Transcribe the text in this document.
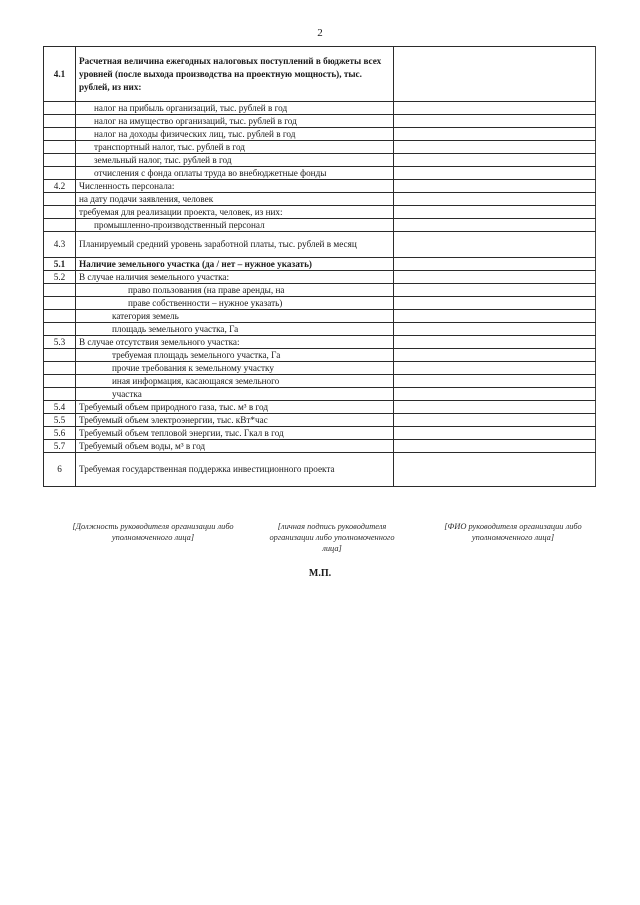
2
4.1	Расчетная величина ежегодных налоговых поступлений в бюджеты всех уровней (после выхода производства на проектную мощность), тыс. рублей, из них:	
	налог на прибыль организаций, тыс. рублей в год	
	налог на имущество организаций, тыс. рублей в год	
	налог на доходы физических лиц, тыс. рублей в год	
	транспортный налог, тыс. рублей в год	
	земельный налог, тыс. рублей в год	
	отчисления с фонда оплаты труда во внебюджетные фонды	
4.2	Численность персонала:	
	на дату подачи заявления, человек	
	требуемая для реализации проекта, человек, из них:	
	промышленно-производственный персонал	
4.3	Планируемый средний уровень заработной платы, тыс. рублей в месяц	
5.1	Наличие земельного участка (да / нет – нужное указать)	
5.2	В случае наличия земельного участка:	
	право пользования (на праве аренды, на	
	праве собственности – нужное указать)	
	категория земель	
	площадь земельного участка, Га	
5.3	В случае отсутствия земельного участка:	
	требуемая площадь земельного участка, Га	
	прочие требования к земельному участку	
	иная информация, касающаяся земельного	
	участка	
5.4	Требуемый объем природного газа, тыс. м³ в год	
5.5	Требуемый объем электроэнергии, тыс. кВт*час	
5.6	Требуемый объем тепловой энергии, тыс. Гкал в год	
5.7	Требуемый объем воды, м³ в год	
6	Требуемая государственная поддержка инвестиционного проекта	
[Должность руководителя организации либо уполномоченного лица]
[личная подпись руководителя организации либо уполномоченного лица]
[ФИО руководителя организации либо уполномоченного лица]
М.П.
